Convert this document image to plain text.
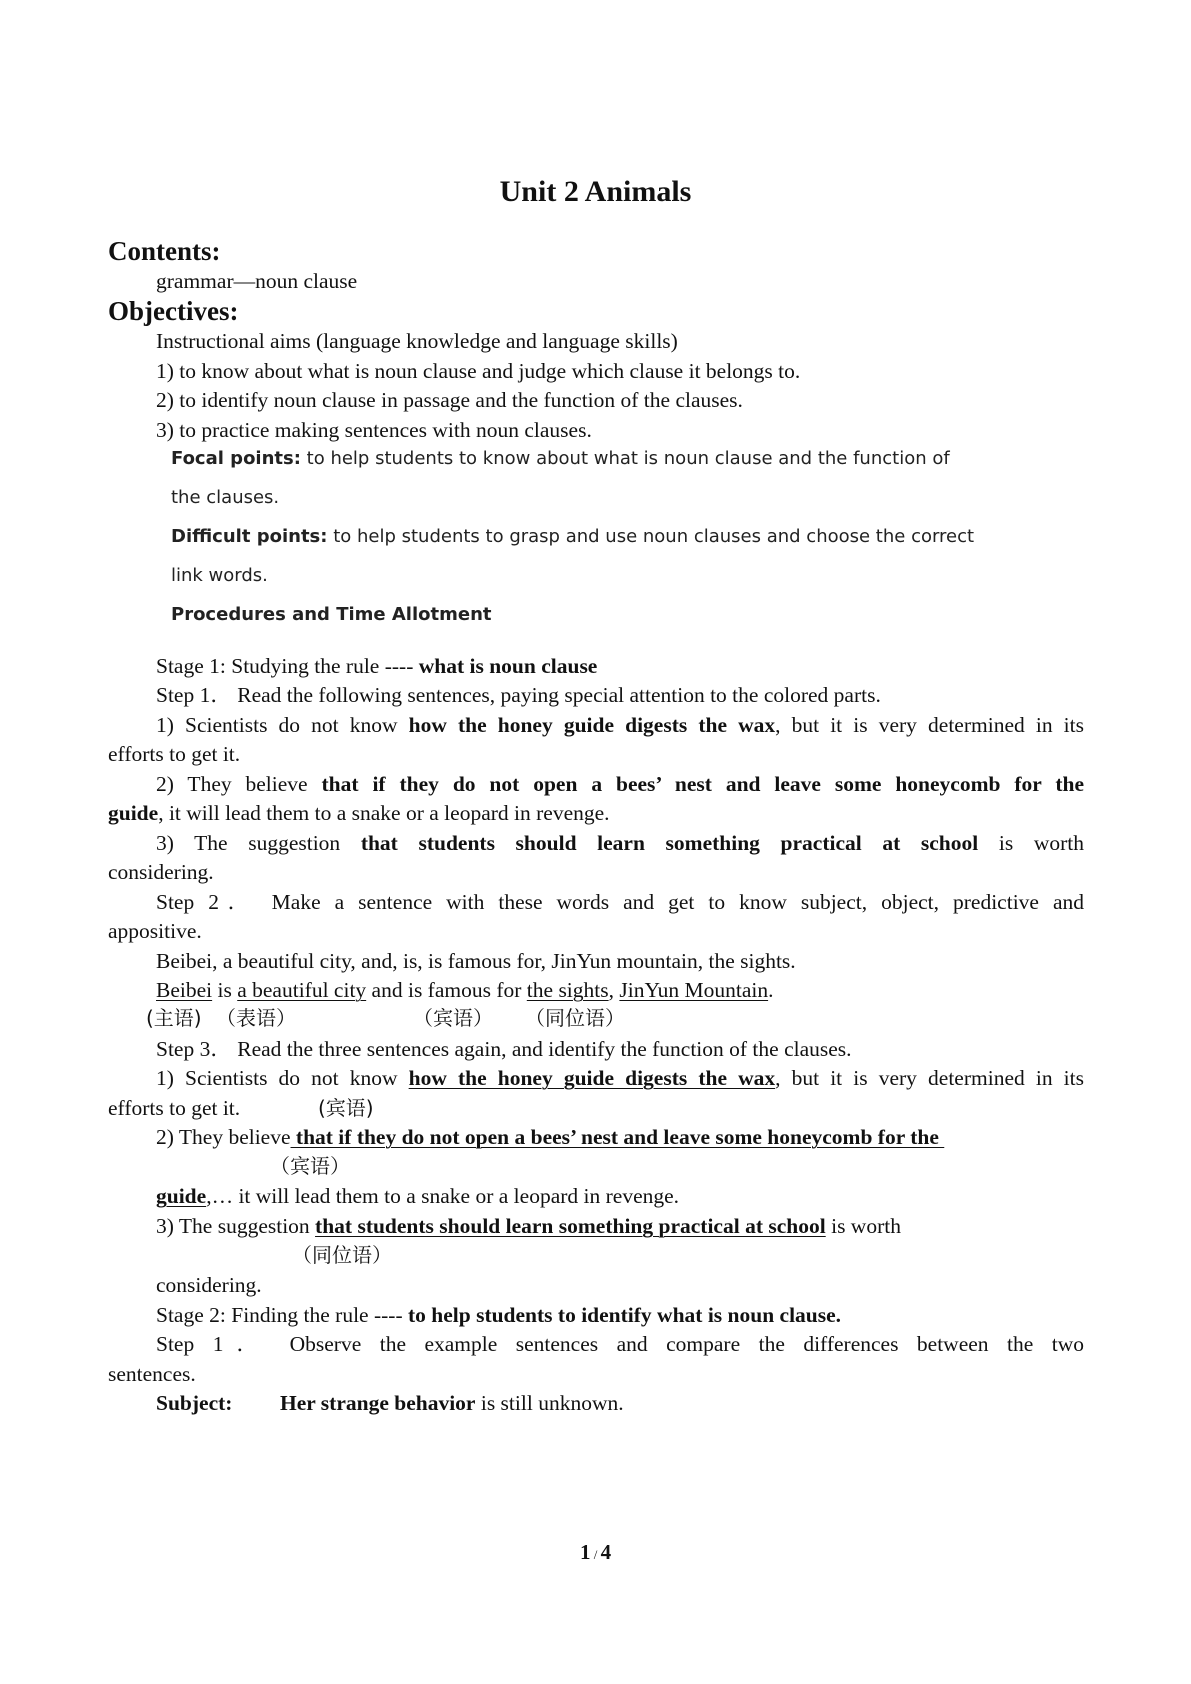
Unit 2 Animals
Contents:
grammar—noun clause
Objectives:
Instructional aims (language knowledge and language skills)
1) to know about what is noun clause and judge which clause it belongs to.
2) to identify noun clause in passage and the function of the clauses.
3) to practice making sentences with noun clauses.
Focal points: to help students to know about what is noun clause and the function of
the clauses.
Difficult points: to help students to grasp and use noun clauses and choose the correct
link words.
Procedures and Time Allotment
Stage 1: Studying the rule ---- what is noun clause
Step 1． Read the following sentences, paying special attention to the colored parts.
1) Scientists do not know how the honey guide digests the wax, but it is very determined in its
efforts to get it.
2) They believe that if they do not open a bees’ nest and leave some honeycomb for the
guide, it will lead them to a snake or a leopard in revenge.
3) The suggestion that students should learn something practical at school is worth
considering.
Step 2． Make a sentence with these words and get to know subject, object, predictive and
appositive.
Beibei, a beautiful city, and, is, is famous for, JinYun mountain, the sights.
Beibei is a beautiful city and is famous for the sights, JinYun Mountain.
(主语) （表语）	（宾语） （同位语）
Step 3． Read the three sentences again, and identify the function of the clauses.
1) Scientists do not know how the honey guide digests the wax, but it is very determined in its
efforts to get it.	(宾语)
2) They believe that if they do not open a bees’ nest and leave some honeycomb for the
（宾语）
guide,… it will lead them to a snake or a leopard in revenge.
3) The suggestion that students should learn something practical at school is worth
（同位语）
considering.
Stage 2: Finding the rule ---- to help students to identify what is noun clause.
Step 1． Observe the example sentences and compare the differences between the two
sentences.
Subject: Her strange behavior is still unknown.
1 / 4
